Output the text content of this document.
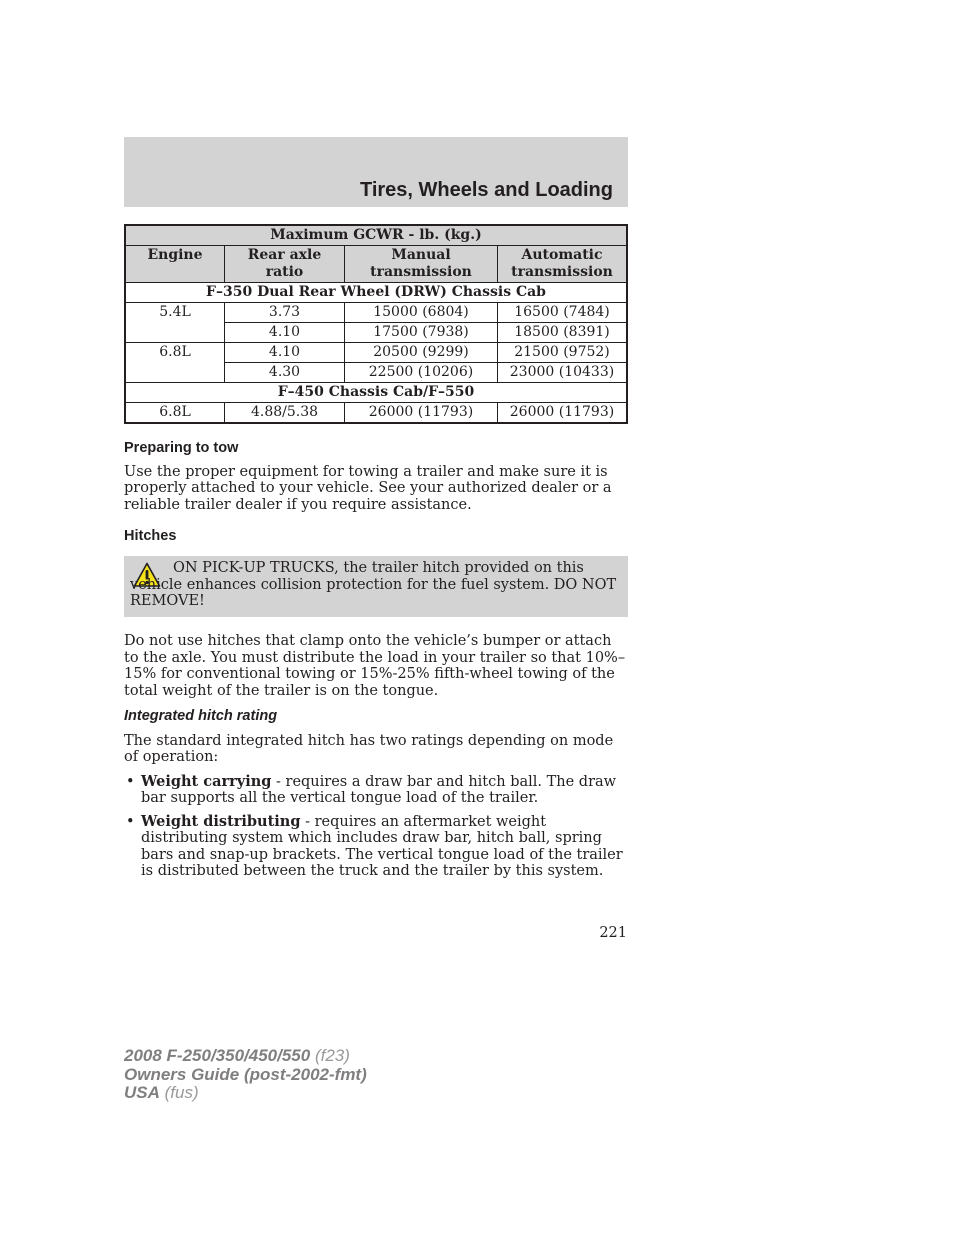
Tires, Wheels and Loading
Maximum GCWR - lb. (kg.)			
Engine	Rear axle ratio	Manual transmission	Automatic transmission
F–350 Dual Rear Wheel (DRW) Chassis Cab			
5.4L	3.73	15000 (6804)	16500 (7484)
	4.10	17500 (7938)	18500 (8391)
6.8L	4.10	20500 (9299)	21500 (9752)
	4.30	22500 (10206)	23000 (10433)
F–450 Chassis Cab/F–550			
6.8L	4.88/5.38	26000 (11793)	26000 (11793)
Preparing to tow

Use the proper equipment for towing a trailer and make sure it is properly attached to your vehicle. See your authorized dealer or a reliable trailer dealer if you require assistance.

Hitches
ON PICK-UP TRUCKS, the trailer hitch provided on this vehicle enhances collision protection for the fuel system. DO NOT REMOVE!

Do not use hitches that clamp onto the vehicle’s bumper or attach to the axle. You must distribute the load in your trailer so that 10%–15% for conventional towing or 15%-25% fifth-wheel towing of the total weight of the trailer is on the tongue.

Integrated hitch rating

The standard integrated hitch has two ratings depending on mode of operation:

• Weight carrying - requires a draw bar and hitch ball. The draw bar supports all the vertical tongue load of the trailer.
• Weight distributing - requires an aftermarket weight distributing system which includes draw bar, hitch ball, spring bars and snap-up brackets. The vertical tongue load of the trailer is distributed between the truck and the trailer by this system.
221
2008 F-250/350/450/550 (f23)
Owners Guide (post-2002-fmt)
USA (fus)
